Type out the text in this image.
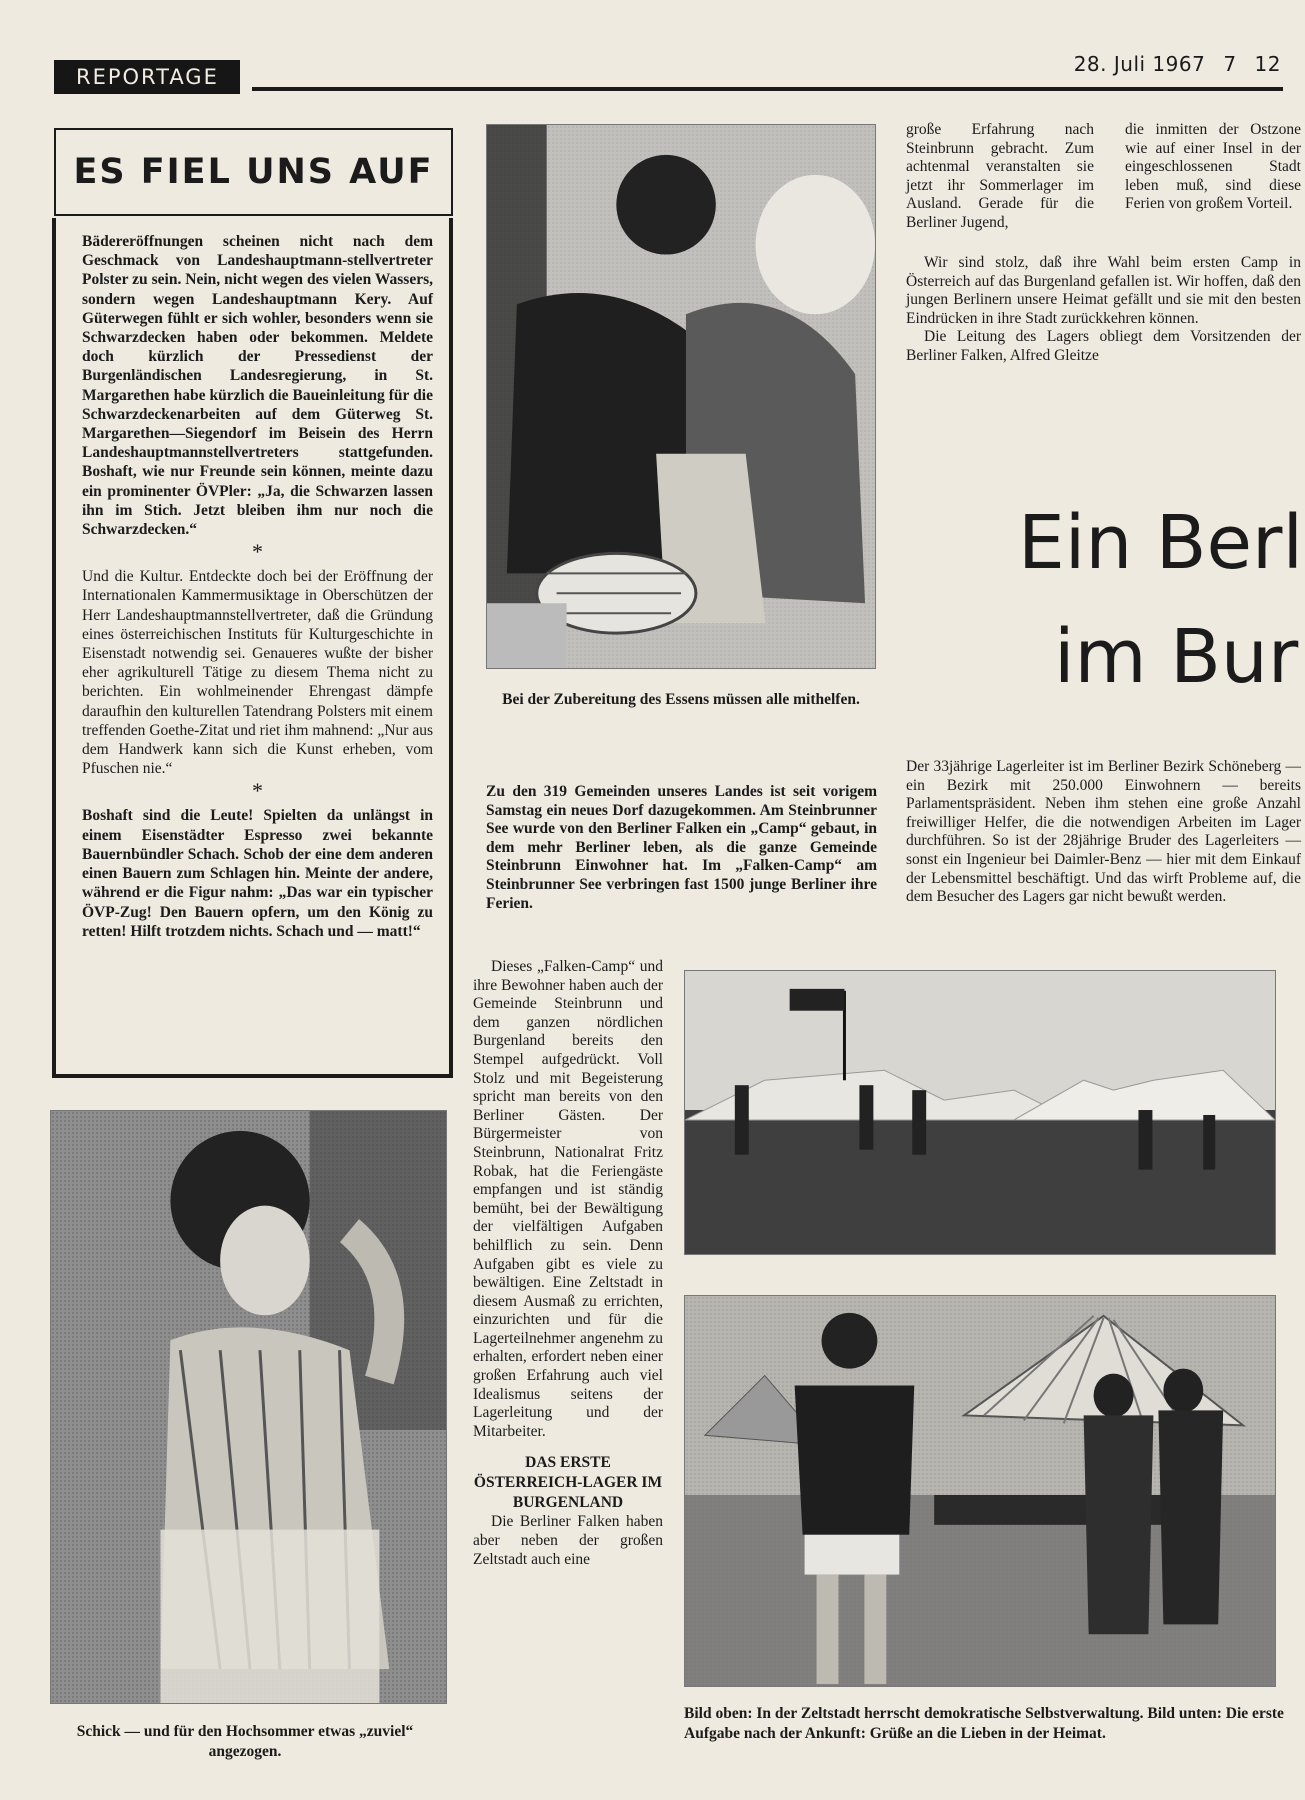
REPORTAGE
28. Juli 1967 7 12
ES FIEL UNS AUF

Bädereröffnungen scheinen nicht nach dem Geschmack von Landeshauptmann-stellvertreter Polster zu sein. Nein, nicht wegen des vielen Wassers, sondern wegen Landeshauptmann Kery. Auf Güterwegen fühlt er sich wohler, besonders wenn sie Schwarzdecken haben oder bekommen. Meldete doch kürzlich der Pressedienst der Burgenländischen Landesregierung, in St. Margarethen habe kürzlich die Baueinleitung für die Schwarzdeckenarbeiten auf dem Güterweg St. Margarethen—Siegendorf im Beisein des Herrn Landeshauptmannstellvertreters stattgefunden. Boshaft, wie nur Freunde sein können, meinte dazu ein prominenter ÖVPler: „Ja, die Schwarzen lassen ihn im Stich. Jetzt bleiben ihm nur noch die Schwarzdecken.“

*

Und die Kultur. Entdeckte doch bei der Eröffnung der Internationalen Kammermusiktage in Oberschützen der Herr Landeshauptmannstellvertreter, daß die Gründung eines österreichischen Instituts für Kulturgeschichte in Eisenstadt notwendig sei. Genaueres wußte der bisher eher agrikulturell Tätige zu diesem Thema nicht zu berichten. Ein wohlmeinender Ehrengast dämpfe daraufhin den kulturellen Tatendrang Polsters mit einem treffenden Goethe-Zitat und riet ihm mahnend: „Nur aus dem Handwerk kann sich die Kunst erheben, vom Pfuschen nie.“

*

Boshaft sind die Leute! Spielten da unlängst in einem Eisenstädter Espresso zwei bekannte Bauernbündler Schach. Schob der eine dem anderen einen Bauern zum Schlagen hin. Meinte der andere, während er die Figur nahm: „Das war ein typischer ÖVP-Zug! Den Bauern opfern, um den König zu retten! Hilft trotzdem nichts. Schach und — matt!“

Schick — und für den Hochsommer etwas „zuviel“ angezogen.
Bei der Zubereitung des Essens müssen alle mithelfen.

Zu den 319 Gemeinden unseres Landes ist seit vorigem Samstag ein neues Dorf dazugekommen. Am Steinbrunner See wurde von den Berliner Falken ein „Camp“ gebaut, in dem mehr Berliner leben, als die ganze Gemeinde Steinbrunn Einwohner hat. Im „Falken-Camp“ am Steinbrunner See verbringen fast 1500 junge Berliner ihre Ferien.

Dieses „Falken-Camp“ und ihre Bewohner haben auch der Gemeinde Steinbrunn und dem ganzen nördlichen Burgenland bereits den Stempel aufgedrückt. Voll Stolz und mit Begeisterung spricht man bereits von den Berliner Gästen. Der Bürgermeister von Steinbrunn, Nationalrat Fritz Robak, hat die Feriengäste empfangen und ist ständig bemüht, bei der Bewältigung der vielfältigen Aufgaben behilflich zu sein. Denn Aufgaben gibt es viele zu bewältigen. Eine Zeltstadt in diesem Ausmaß zu errichten, einzurichten und für die Lagerteilnehmer angenehm zu erhalten, erfordert neben einer großen Erfahrung auch viel Idealismus seitens der Lagerleitung und der Mitarbeiter.

DAS ERSTE ÖSTERREICH-LAGER IM BURGENLAND

Die Berliner Falken haben aber neben der großen Zeltstadt auch eine

große Erfahrung nach Steinbrunn gebracht. Zum achtenmal veranstalten sie jetzt ihr Sommerlager im Ausland. Gerade für die Berliner Jugend,

die inmitten der Ostzone wie auf einer Insel in der eingeschlossenen Stadt leben muß, sind diese Ferien von großem Vorteil.

Wir sind stolz, daß ihre Wahl beim ersten Camp in Österreich auf das Burgenland gefallen ist. Wir hoffen, daß den jungen Berlinern unsere Heimat gefällt und sie mit den besten Eindrücken in ihre Stadt zurückkehren können.

Die Leitung des Lagers obliegt dem Vorsitzenden der Berliner Falken, Alfred Gleitze

Ein Berl
im Bur

Der 33jährige Lagerleiter ist im Berliner Bezirk Schöneberg — ein Bezirk mit 250.000 Einwohnern — bereits Parlamentspräsident. Neben ihm stehen eine große Anzahl freiwilliger Helfer, die die notwendigen Arbeiten im Lager durchführen. So ist der 28jährige Bruder des Lagerleiters — sonst ein Ingenieur bei Daimler-Benz — hier mit dem Einkauf der Lebensmittel beschäftigt. Und das wirft Probleme auf, die dem Besucher des Lagers gar nicht bewußt werden.

Bild oben: In der Zeltstadt herrscht demokratische Selbstverwaltung. Bild unten: Die erste Aufgabe nach der Ankunft: Grüße an die Lieben in der Heimat.
